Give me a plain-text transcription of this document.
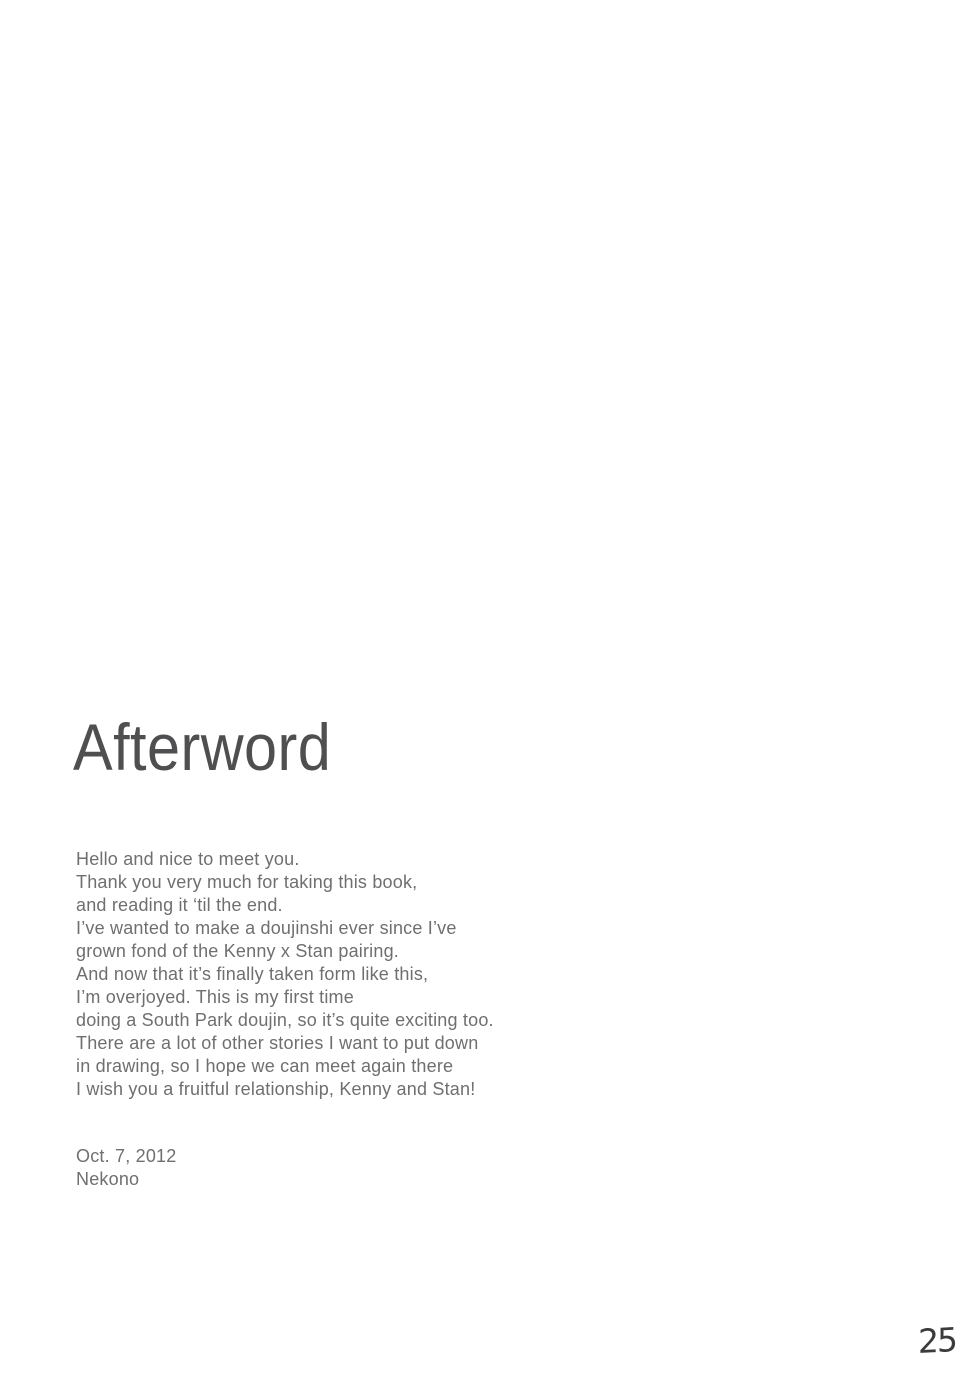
Afterword
Hello and nice to meet you.
Thank you very much for taking this book,
and reading it ‘til the end.
I’ve wanted to make a doujinshi ever since I’ve
grown fond of the Kenny x Stan pairing.
And now that it’s finally taken form like this,
I’m overjoyed. This is my first time
doing a South Park doujin, so it’s quite exciting too.
There are a lot of other stories I want to put down
in drawing, so I hope we can meet again there
I wish you a fruitful relationship, Kenny and Stan!
Oct. 7, 2012
Nekono
25
